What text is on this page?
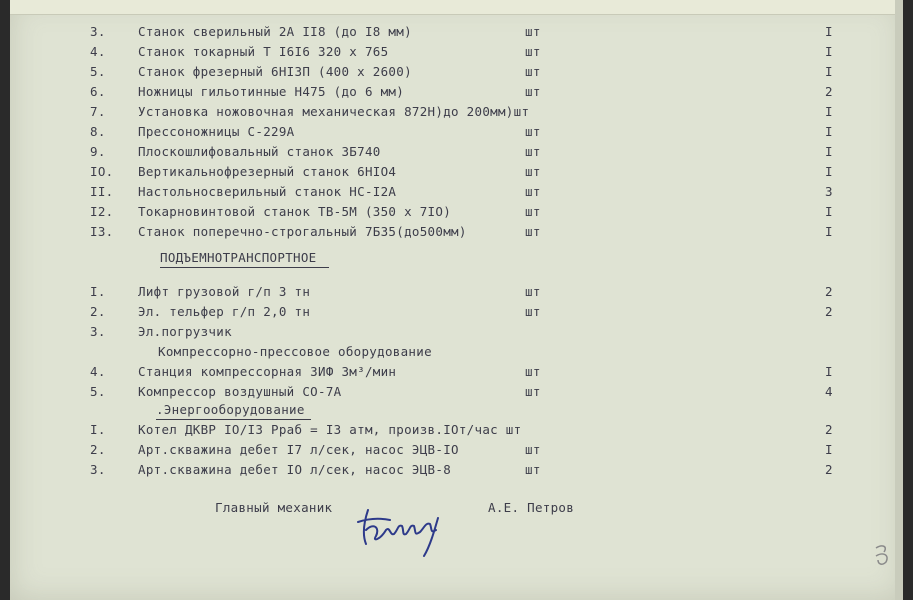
3.	Станок сверильный 2А II8 (до I8 мм)	шт	I
4.	Станок токарный Т I6I6 320 х 765	шт	I
5.	Станок фрезерный 6НI3П (400 х 2600)	шт	I
6.	Ножницы гильотинные Н475 (до 6 мм)	шт	2
7.	Установка ножовочная механическая 872Н)до 200мм)шт	I
8.	Прессоножницы С-229А	шт	I
9.	Плоскошлифовальный станок 3Б740	шт	I
IO. Вертикальнофрезерный станок 6НIO4	шт	I
II. Настольносверильный станок НС-I2А	шт	3
I2. Токарновинтовой станок ТВ-5М (350 х 7IO)	шт	I
I3. Станок поперечно-строгальный 7Б35(до500мм)	шт	I
ПОДЪЕМНОТРАНСПОРТНОЕ
I.	Лифт грузовой г/п 3 тн	шт	2
2.	Эл. тельфер г/п 2,0 тн	шт	2
3.	Эл.погрузчик
Компрессорно-прессовое оборудование
4.	Станция компрессорная ЗИФ 3м³/мин	шт	I
5.	Компрессор воздушный СО-7А	шт	4
.Энергооборудование
I.	Котел ДКВР IO/I3 Рраб = I3 атм, произв.IOт/час шт	2
2.	Арт.скважина дебет I7 л/сек, насос ЭЦВ-IO	шт	I
3.	Арт.скважина дебет IO л/сек, насос ЭЦВ-8	шт	2
Главный механик	А.Е. Петров
